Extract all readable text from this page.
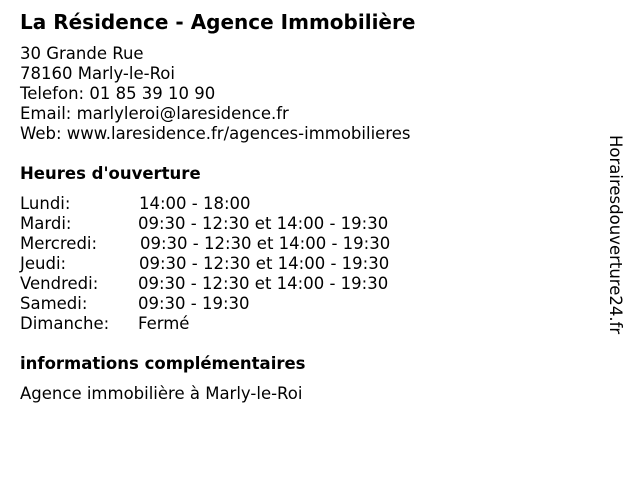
La Résidence - Agence Immobilière
30 Grande Rue
78160 Marly-le-Roi
Telefon: 01 85 39 10 90
Email: marlyleroi@laresidence.fr
Web: www.laresidence.fr/agences-immobilieres
Heures d'ouverture
Lundi:	14:00 - 18:00
Mardi:	09:30 - 12:30 et 14:00 - 19:30
Mercredi:	09:30 - 12:30 et 14:00 - 19:30
Jeudi:	09:30 - 12:30 et 14:00 - 19:30
Vendredi: 09:30 - 12:30 et 14:00 - 19:30
Samedi:	09:30 - 19:30
Dimanche: Fermé
informations complémentaires
Agence immobilière à Marly-le-Roi
Horairesdouverture24.fr
